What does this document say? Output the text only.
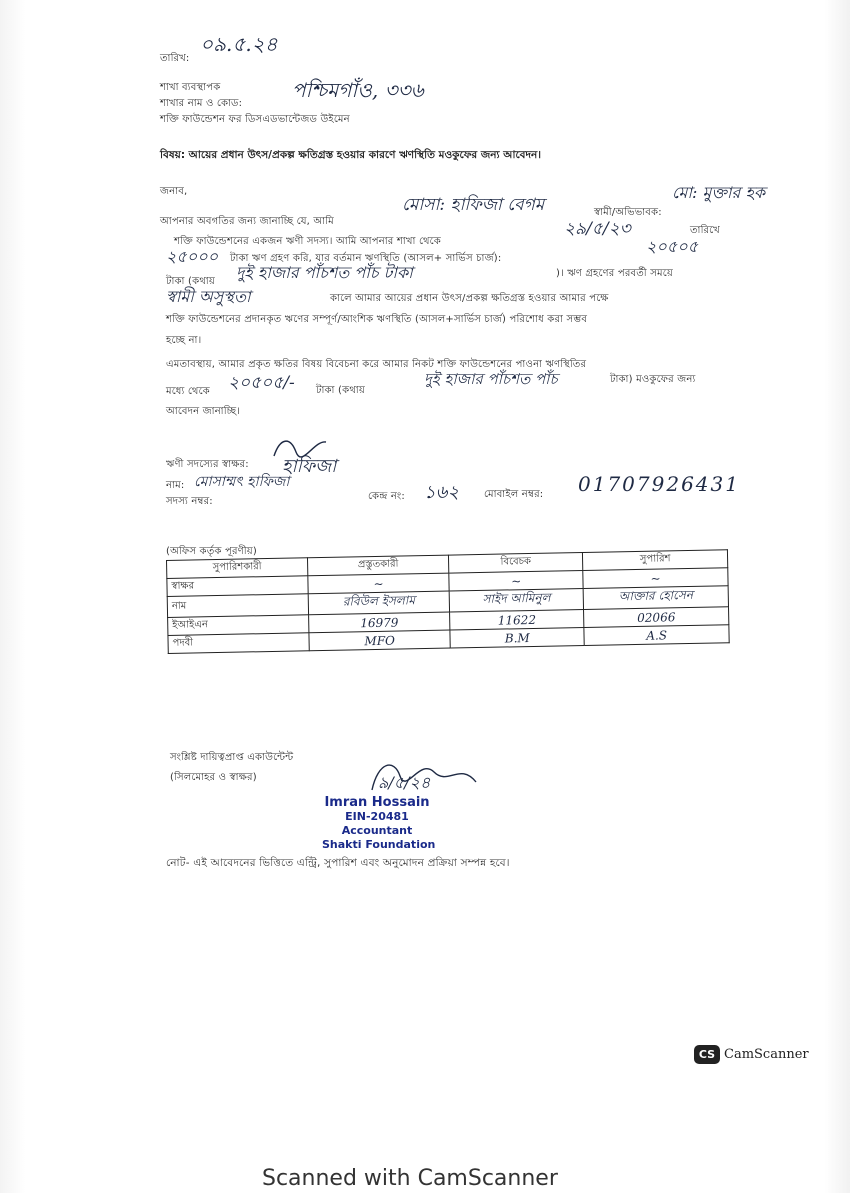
তারিখ:
০৯.৫.২৪
শাখা ব্যবস্থাপক
শাখার নাম ও কোড:
পশ্চিমগাঁও, ৩৩৬
শক্তি ফাউন্ডেশন ফর ডিসএডভান্টেজড উইমেন
বিষয়: আয়ের প্রধান উৎস/প্রকল্প ক্ষতিগ্রস্ত হওয়ার কারণে ঋণস্থিতি মওকুফের জন্য আবেদন।
জনাব,
আপনার অবগতির জন্য জানাচ্ছি যে, আমি
মোসা: হাফিজা বেগম	স্বামী/অভিভাবক:
মো: মুক্তার হক
শক্তি ফাউন্ডেশনের একজন ঋণী সদস্য। আমি আপনার শাখা থেকে
২৯/৫/২৩	তারিখে
২৫০০০ টাকা ঋণ গ্রহণ করি, যার বর্তমান ঋণস্থিতি (আসল+ সার্ভিস চার্জ):
২০৫০৫
টাকা (কথায় দুই হাজার পাঁচশত পাঁচ টাকা	)। ঋণ গ্রহণের পরবর্তী সময়ে
স্বামী অসুস্থতা	কালে আমার আয়ের প্রধান উৎস/প্রকল্প ক্ষতিগ্রস্ত হওয়ার আমার পক্ষে
শক্তি ফাউন্ডেশনের প্রদানকৃত ঋণের সম্পূর্ণ/আংশিক ঋণস্থিতি (আসল+সার্ভিস চার্জ) পরিশোধ করা সম্ভব
হচ্ছে না।
এমতাবস্থায়, আমার প্রকৃত ক্ষতির বিষয় বিবেচনা করে আমার নিকট শক্তি ফাউন্ডেশনের পাওনা ঋণস্থিতির
মধ্যে থেকে ২০৫০৫/- টাকা (কথায়
দুই হাজার পাঁচশত পাঁচ	টাকা) মওকুফের জন্য
আবেদন জানাচ্ছি।
ঋণী সদস্যের স্বাক্ষর: হাফিজা
নাম: মোসাম্মৎ হাফিজা
সদস্য নম্বর:	কেন্দ্র নং: ১৬২ মোবাইল নম্বর: 01707926431
(অফিস কর্তৃক পূরণীয়)
সুপারিশকারী	প্রস্তুতকারী	বিবেচক	সুপারিশ
স্বাক্ষর	~	~	~
নাম	রবিউল ইসলাম	সাইদ আমিনুল	আক্তার হোসেন
ইআইএন	16979	11622	02066
পদবী	MFO	B.M	A.S
সংশ্লিষ্ট দায়িত্বপ্রাপ্ত একাউন্টেন্ট
(সিলমোহর ও স্বাক্ষর)	৯/৫/২৪
Imran Hossain
EIN-20481
Accountant
Shakti Foundation
নোট- এই আবেদনের ভিত্তিতে এন্ট্রি, সুপারিশ এবং অনুমোদন প্রক্রিয়া সম্পন্ন হবে।
CS CamScanner
Scanned with CamScanner
